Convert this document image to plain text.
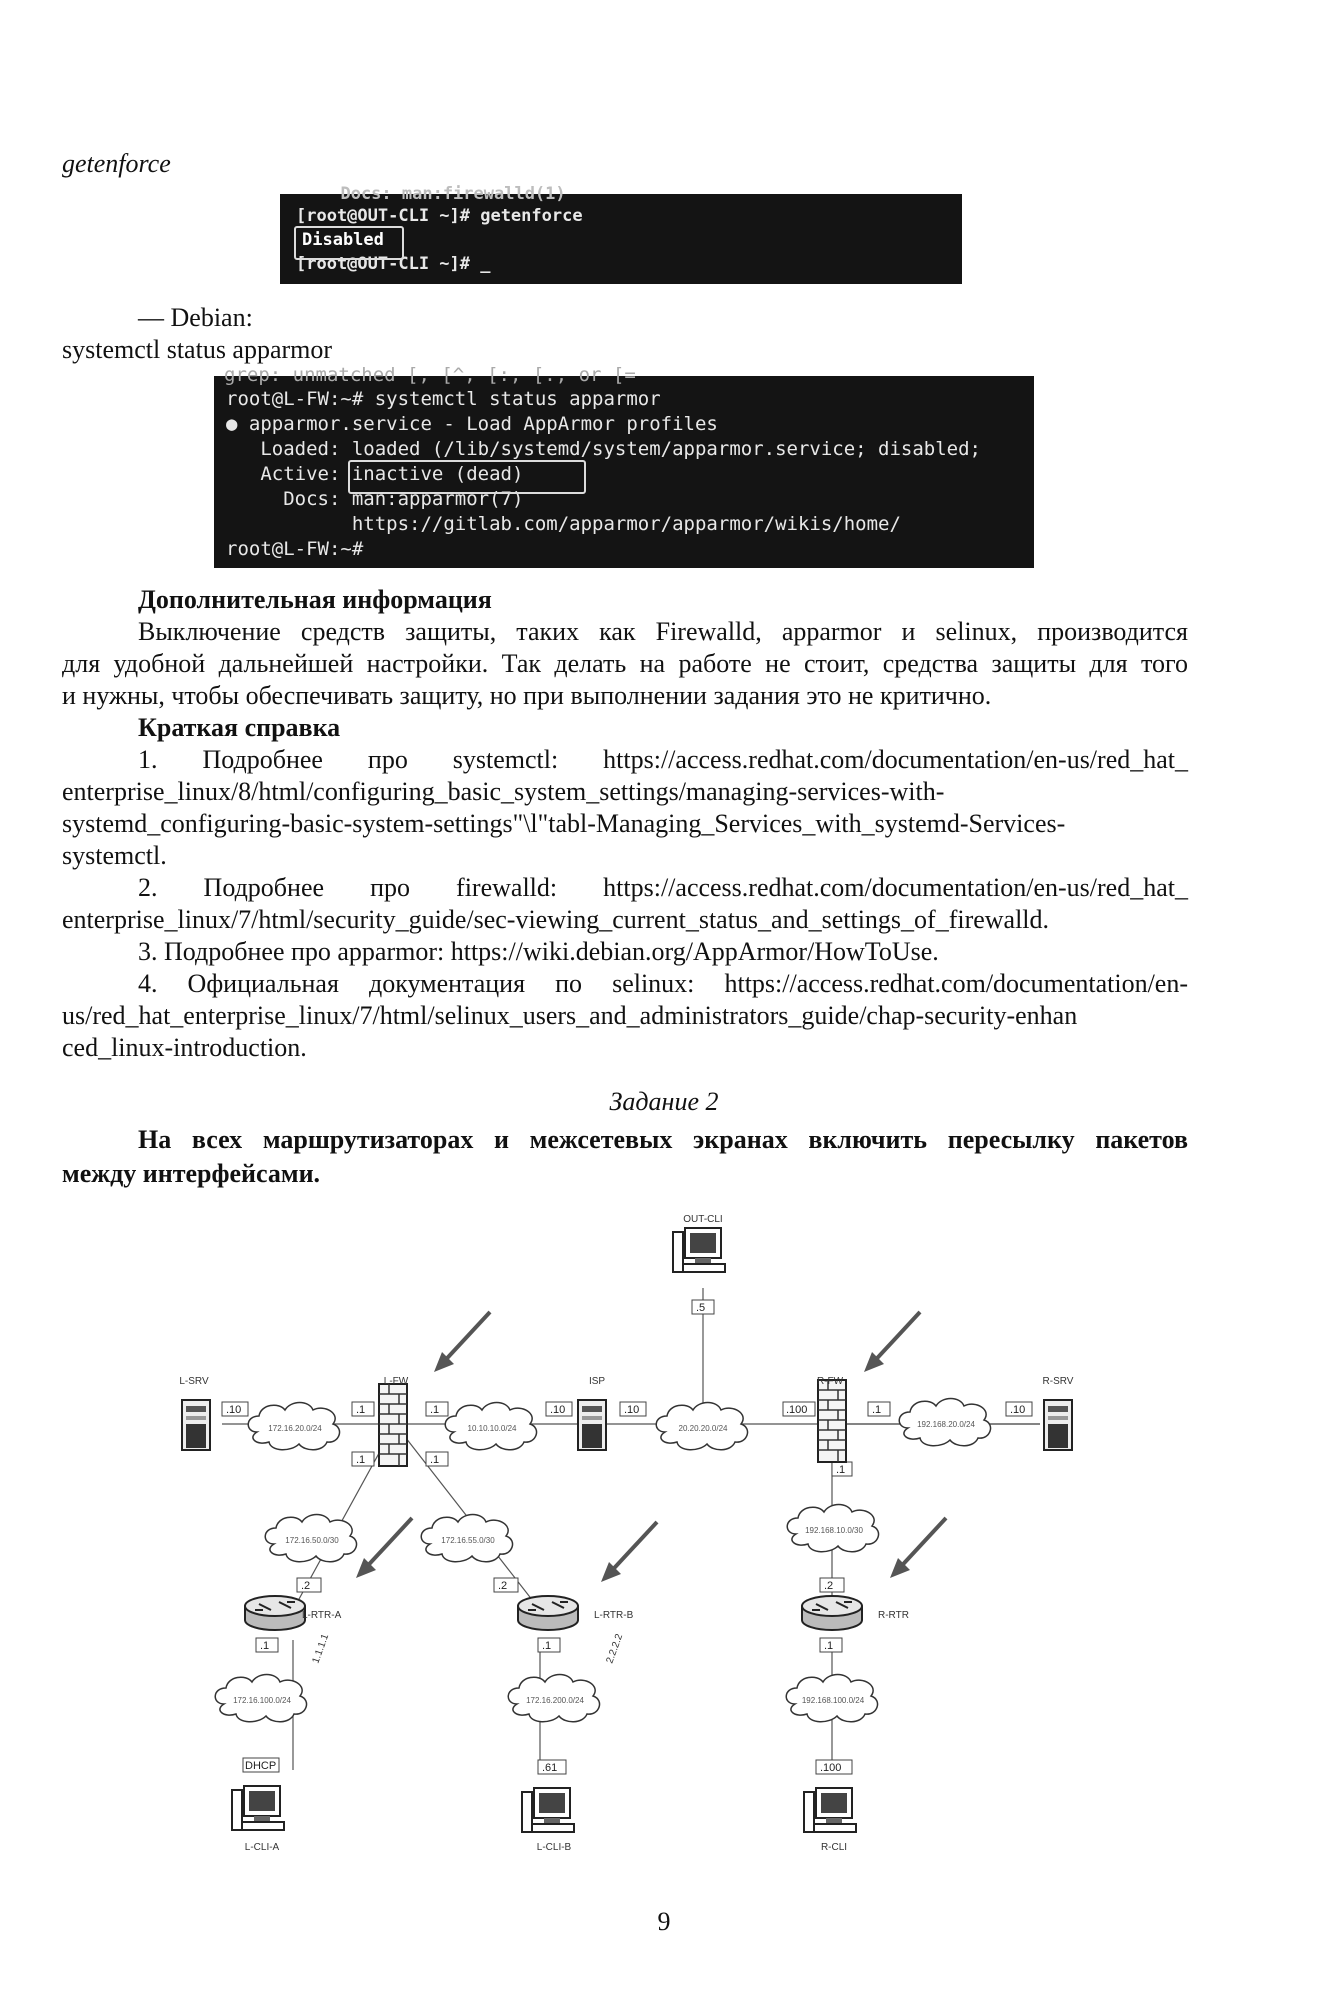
getenforce
Docs: man:firewalld(1)
[root@OUT-CLI ~]# getenforce
Disabled
[root@OUT-CLI ~]# _
— Debian:
systemctl status apparmor
grep: unmatched [, [^, [:, [., or [=
root@L-FW:~# systemctl status apparmor
● apparmor.service - Load AppArmor profiles
Loaded: loaded (/lib/systemd/system/apparmor.service; disabled;
Active: inactive (dead)
Docs: man:apparmor(7)
https://gitlab.com/apparmor/apparmor/wikis/home/
root@L-FW:~#
Дополнительная информация
Выключение средств защиты, таких как Firewalld, apparmor и selinux, производится
для удобной дальнейшей настройки. Так делать на работе не стоит, средства защиты для того
и нужны, чтобы обеспечивать защиту, но при выполнении задания это не критично.
Краткая справка
1. Подробнее про systemctl: https://access.redhat.com/documentation/en-us/red_hat_
enterprise_linux/8/html/configuring_basic_system_settings/managing-services-with-
systemd_configuring-basic-system-settings"\l"tabl-Managing_Services_with_systemd-Services-
systemctl.
2. Подробнее про firewalld: https://access.redhat.com/documentation/en-us/red_hat_
enterprise_linux/7/html/security_guide/sec-viewing_current_status_and_settings_of_firewalld.
3. Подробнее про apparmor: https://wiki.debian.org/AppArmor/HowToUse.
4. Официальная документация по selinux: https://access.redhat.com/documentation/en-
us/red_hat_enterprise_linux/7/html/selinux_users_and_administrators_guide/chap-security-enhan
ced_linux-introduction.
Задание 2
На всех маршрутизаторах и межсетевых экранах включить пересылку пакетов
между интерфейсами.
.10	.1	.1
.1	.1
.10	.10	.100	.1	.10
.1
.5
.2
.1
.2
.1
.2
.1
DHCP	.61	.100
172.16.20.0/24	10.10.10.0/24	20.20.20.0/24	192.168.20.0/24
172.16.50.0/30	172.16.55.0/30
192.168.10.0/30
172.16.100.0/24	172.16.200.0/24	192.168.100.0/24
OUT-CLI
L-SRV	L-FW	ISP	R-FW	R-SRV
L-RTR-A	L-RTR-B	R-RTR
L-CLI-A	L-CLI-B	R-CLI
1.1.1.1	2.2.2.2
9
